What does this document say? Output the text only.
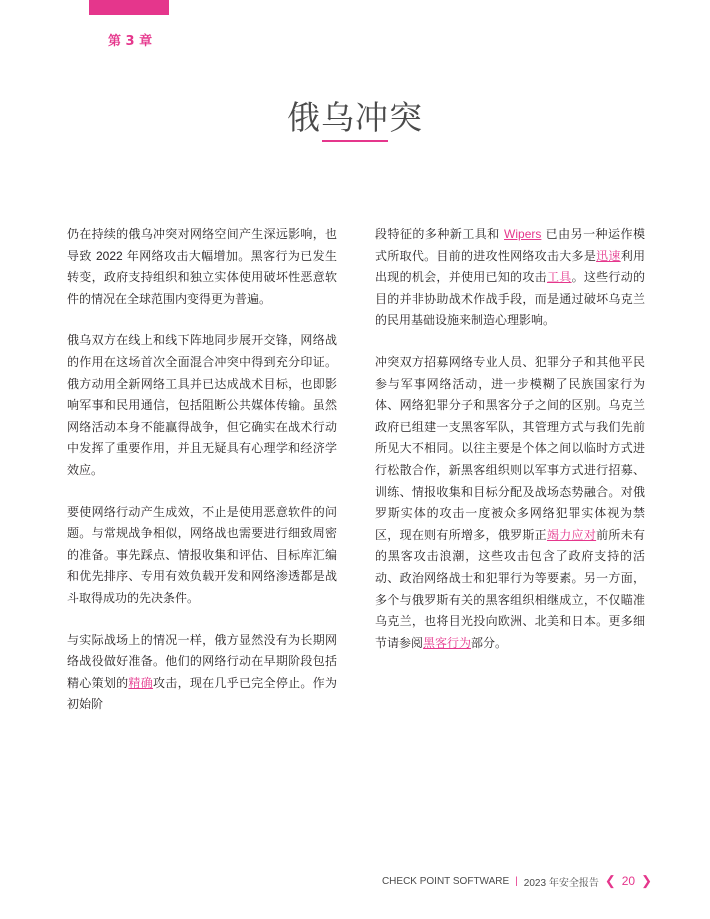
第 3 章
俄乌冲突

仍在持续的俄乌冲突对网络空间产生深远影响，也导致 2022 年网络攻击大幅增加。黑客行为已发生转变，政府支持组织和独立实体使用破坏性恶意软件的情况在全球范围内变得更为普遍。

俄乌双方在线上和线下阵地同步展开交锋，网络战的作用在这场首次全面混合冲突中得到充分印证。俄方动用全新网络工具并已达成战术目标，也即影响军事和民用通信，包括阻断公共媒体传输。虽然网络活动本身不能赢得战争，但它确实在战术行动中发挥了重要作用，并且无疑具有心理学和经济学效应。

要使网络行动产生成效，不止是使用恶意软件的问题。与常规战争相似，网络战也需要进行细致周密的准备。事先踩点、情报收集和评估、目标库汇编和优先排序、专用有效负载开发和网络渗透都是战斗取得成功的先决条件。

与实际战场上的情况一样，俄方显然没有为长期网络战役做好准备。他们的网络行动在早期阶段包括精心策划的精确攻击，现在几乎已完全停止。作为初始阶

段特征的多种新工具和 Wipers 已由另一种运作模式所取代。目前的进攻性网络攻击大多是迅速利用出现的机会，并使用已知的攻击工具。这些行动的目的并非协助战术作战手段，而是通过破坏乌克兰的民用基础设施来制造心理影响。

冲突双方招募网络专业人员、犯罪分子和其他平民参与军事网络活动，进一步模糊了民族国家行为体、网络犯罪分子和黑客分子之间的区别。乌克兰政府已组建一支黑客军队，其管理方式与我们先前所见大不相同。以往主要是个体之间以临时方式进行松散合作，新黑客组织则以军事方式进行招募、训练、情报收集和目标分配及战场态势融合。对俄罗斯实体的攻击一度被众多网络犯罪实体视为禁区，现在则有所增多，俄罗斯正竭力应对前所未有的黑客攻击浪潮，这些攻击包含了政府支持的活动、政治网络战士和犯罪行为等要素。另一方面，多个与俄罗斯有关的黑客组织相继成立，不仅瞄准乌克兰，也将目光投向欧洲、北美和日本。更多细节请参阅黑客行为部分。

CHECK POINT SOFTWARE | 2023 年安全报告 ❮ 20 ❯
